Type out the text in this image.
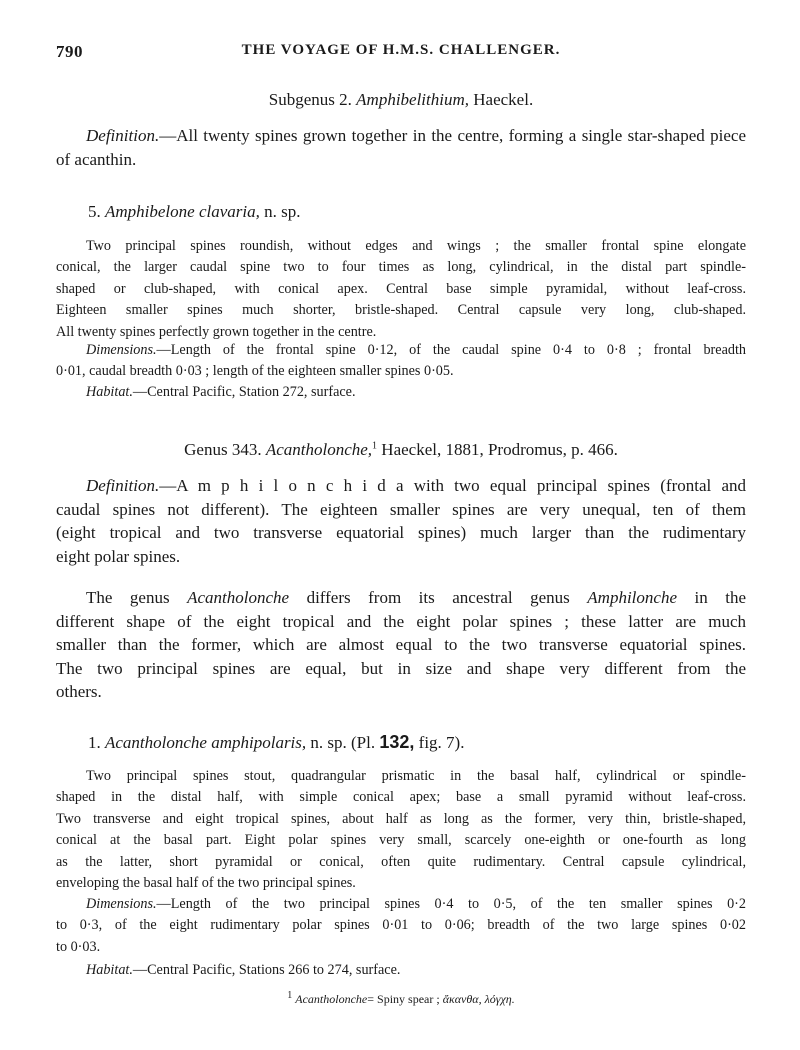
790	THE VOYAGE OF H.M.S. CHALLENGER.
Subgenus 2. Amphibelithium, Haeckel.
Definition.—All twenty spines grown together in the centre, forming a single star-shaped piece of acanthin.
5. Amphibelone clavaria, n. sp.
Two principal spines roundish, without edges and wings ; the smaller frontal spine elongate
conical, the larger caudal spine two to four times as long, cylindrical, in the distal part spindle-
shaped or club-shaped, with conical apex. Central base simple pyramidal, without leaf-cross.
Eighteen smaller spines much shorter, bristle-shaped. Central capsule very long, club-shaped.
All twenty spines perfectly grown together in the centre.
Dimensions.—Length of the frontal spine 0·12, of the caudal spine 0·4 to 0·8 ; frontal breadth
0·01, caudal breadth 0·03 ; length of the eighteen smaller spines 0·05.
Habitat.—Central Pacific, Station 272, surface.
Genus 343. Acantholonche,$^1$ Haeckel, 1881, Prodromus, p. 466.
Definition.—A m p h i l o n c h i d a with two equal principal spines (frontal and
caudal spines not different). The eighteen smaller spines are very unequal, ten of them
(eight tropical and two transverse equatorial spines) much larger than the rudimentary
eight polar spines.
The genus Acantholonche differs from its ancestral genus Amphilonche in the
different shape of the eight tropical and the eight polar spines ; these latter are much
smaller than the former, which are almost equal to the two transverse equatorial spines.
The two principal spines are equal, but in size and shape very different from the
others.
1. Acantholonche amphipolaris, n. sp. (Pl. 132, fig. 7).
Two principal spines stout, quadrangular prismatic in the basal half, cylindrical or spindle-
shaped in the distal half, with simple conical apex; base a small pyramid without leaf-cross.
Two transverse and eight tropical spines, about half as long as the former, very thin, bristle-shaped,
conical at the basal part. Eight polar spines very small, scarcely one-eighth or one-fourth as long
as the latter, short pyramidal or conical, often quite rudimentary. Central capsule cylindrical,
enveloping the basal half of the two principal spines.
Dimensions.—Length of the two principal spines 0·4 to 0·5, of the ten smaller spines 0·2
to 0·3, of the eight rudimentary polar spines 0·01 to 0·06; breadth of the two large spines 0·02
to 0·03.
Habitat.—Central Pacific, Stations 266 to 274, surface.
$^1$ Acantholonche= Spiny spear ; ἄκανθα, λόγχη.
